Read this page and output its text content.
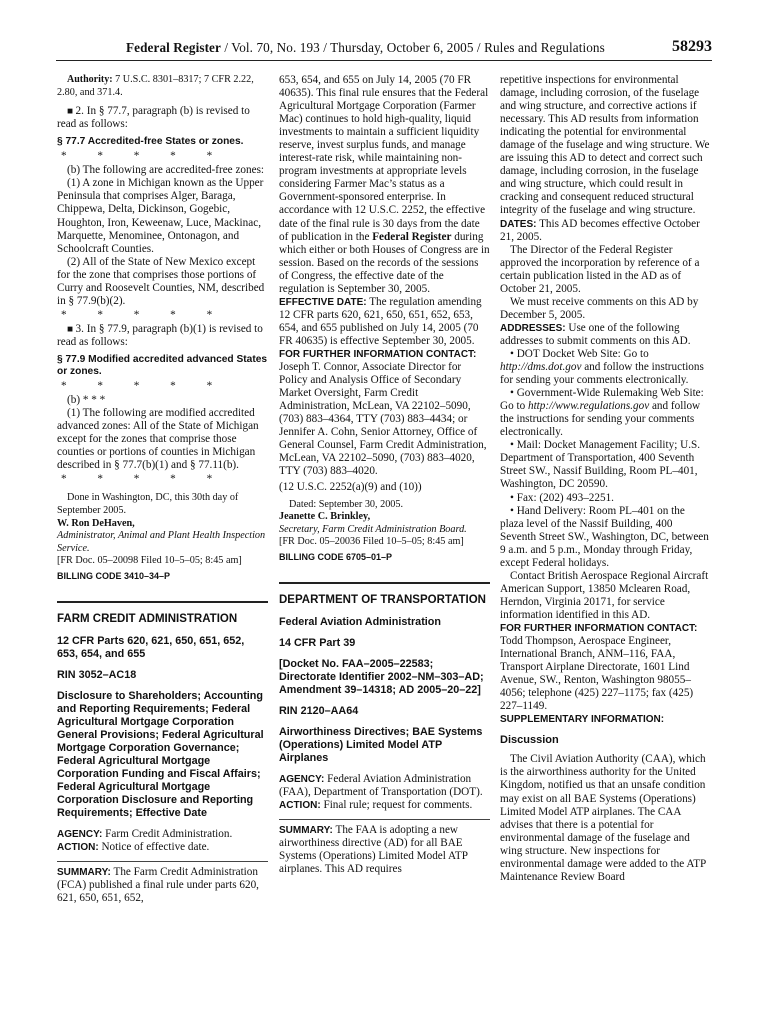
Federal Register / Vol. 70, No. 193 / Thursday, October 6, 2005 / Rules and Regulations	58293

Authority: 7 U.S.C. 8301–8317; 7 CFR 2.22, 2.80, and 371.4.

■ 2. In § 77.7, paragraph (b) is revised to read as follows:

§ 77.7 Accredited-free States or zones.

* * * * *

(b) The following are accredited-free zones:

(1) A zone in Michigan known as the Upper Peninsula that comprises Alger, Baraga, Chippewa, Delta, Dickinson, Gogebic, Houghton, Iron, Keweenaw, Luce, Mackinac, Marquette, Menominee, Ontonagon, and Schoolcraft Counties.

(2) All of the State of New Mexico except for the zone that comprises those portions of Curry and Roosevelt Counties, NM, described in § 77.9(b)(2).

* * * * *

■ 3. In § 77.9, paragraph (b)(1) is revised to read as follows:

§ 77.9 Modified accredited advanced States or zones.

* * * * *

(b) * * *

(1) The following are modified accredited advanced zones: All of the State of Michigan except for the zones that comprise those counties or portions of counties in Michigan described in § 77.7(b)(1) and § 77.11(b).

* * * * *

Done in Washington, DC, this 30th day of September 2005.

W. Ron DeHaven,

Administrator, Animal and Plant Health Inspection Service.

[FR Doc. 05–20098 Filed 10–5–05; 8:45 am]

BILLING CODE 3410–34–P

FARM CREDIT ADMINISTRATION

12 CFR Parts 620, 621, 650, 651, 652, 653, 654, and 655

RIN 3052–AC18

Disclosure to Shareholders; Accounting and Reporting Requirements; Federal Agricultural Mortgage Corporation General Provisions; Federal Agricultural Mortgage Corporation Governance; Federal Agricultural Mortgage Corporation Funding and Fiscal Affairs; Federal Agricultural Mortgage Corporation Disclosure and Reporting Requirements; Effective Date

AGENCY: Farm Credit Administration.

ACTION: Notice of effective date.

SUMMARY: The Farm Credit Administration (FCA) published a final rule under parts 620, 621, 650, 651, 652,

653, 654, and 655 on July 14, 2005 (70 FR 40635). This final rule ensures that the Federal Agricultural Mortgage Corporation (Farmer Mac) continues to hold high-quality, liquid investments to maintain a sufficient liquidity reserve, invest surplus funds, and manage interest-rate risk, while maintaining non-program investments at appropriate levels considering Farmer Mac’s status as a Government-sponsored enterprise. In accordance with 12 U.S.C. 2252, the effective date of the final rule is 30 days from the date of publication in the Federal Register during which either or both Houses of Congress are in session. Based on the records of the sessions of Congress, the effective date of the regulation is September 30, 2005.

EFFECTIVE DATE: The regulation amending 12 CFR parts 620, 621, 650, 651, 652, 653, 654, and 655 published on July 14, 2005 (70 FR 40635) is effective September 30, 2005.

FOR FURTHER INFORMATION CONTACT:

Joseph T. Connor, Associate Director for Policy and Analysis Office of Secondary Market Oversight, Farm Credit Administration, McLean, VA 22102–5090, (703) 883–4364, TTY (703) 883–4434; or Jennifer A. Cohn, Senior Attorney, Office of General Counsel, Farm Credit Administration, McLean, VA 22102–5090, (703) 883–4020, TTY (703) 883–4020.

(12 U.S.C. 2252(a)(9) and (10))

Dated: September 30, 2005.

Jeanette C. Brinkley,

Secretary, Farm Credit Administration Board.

[FR Doc. 05–20036 Filed 10–5–05; 8:45 am]

BILLING CODE 6705–01–P

DEPARTMENT OF TRANSPORTATION

Federal Aviation Administration

14 CFR Part 39

[Docket No. FAA–2005–22583; Directorate Identifier 2002–NM–303–AD; Amendment 39–14318; AD 2005–20–22]

RIN 2120–AA64

Airworthiness Directives; BAE Systems (Operations) Limited Model ATP Airplanes

AGENCY: Federal Aviation Administration (FAA), Department of Transportation (DOT).

ACTION: Final rule; request for comments.

SUMMARY: The FAA is adopting a new airworthiness directive (AD) for all BAE Systems (Operations) Limited Model ATP airplanes. This AD requires

repetitive inspections for environmental damage, including corrosion, of the fuselage and wing structure, and corrective actions if necessary. This AD results from information indicating the potential for environmental damage of the fuselage and wing structure. We are issuing this AD to detect and correct such damage, including corrosion, in the fuselage and wing structure, which could result in cracking and consequent reduced structural integrity of the fuselage and wing structure.

DATES: This AD becomes effective October 21, 2005.

The Director of the Federal Register approved the incorporation by reference of a certain publication listed in the AD as of October 21, 2005.

We must receive comments on this AD by December 5, 2005.

ADDRESSES: Use one of the following addresses to submit comments on this AD.

• DOT Docket Web Site: Go to http://dms.dot.gov and follow the instructions for sending your comments electronically.

• Government-Wide Rulemaking Web Site: Go to http://www.regulations.gov and follow the instructions for sending your comments electronically.

• Mail: Docket Management Facility; U.S. Department of Transportation, 400 Seventh Street SW., Nassif Building, Room PL–401, Washington, DC 20590.

• Fax: (202) 493–2251.

• Hand Delivery: Room PL–401 on the plaza level of the Nassif Building, 400 Seventh Street SW., Washington, DC, between 9 a.m. and 5 p.m., Monday through Friday, except Federal holidays.

Contact British Aerospace Regional Aircraft American Support, 13850 Mclearen Road, Herndon, Virginia 20171, for service information identified in this AD.

FOR FURTHER INFORMATION CONTACT:

Todd Thompson, Aerospace Engineer, International Branch, ANM–116, FAA, Transport Airplane Directorate, 1601 Lind Avenue, SW., Renton, Washington 98055–4056; telephone (425) 227–1175; fax (425) 227–1149.

SUPPLEMENTARY INFORMATION:

Discussion

The Civil Aviation Authority (CAA), which is the airworthiness authority for the United Kingdom, notified us that an unsafe condition may exist on all BAE Systems (Operations) Limited Model ATP airplanes. The CAA advises that there is a potential for environmental damage of the fuselage and wing structure. New inspections for environmental damage were added to the ATP Maintenance Review Board
